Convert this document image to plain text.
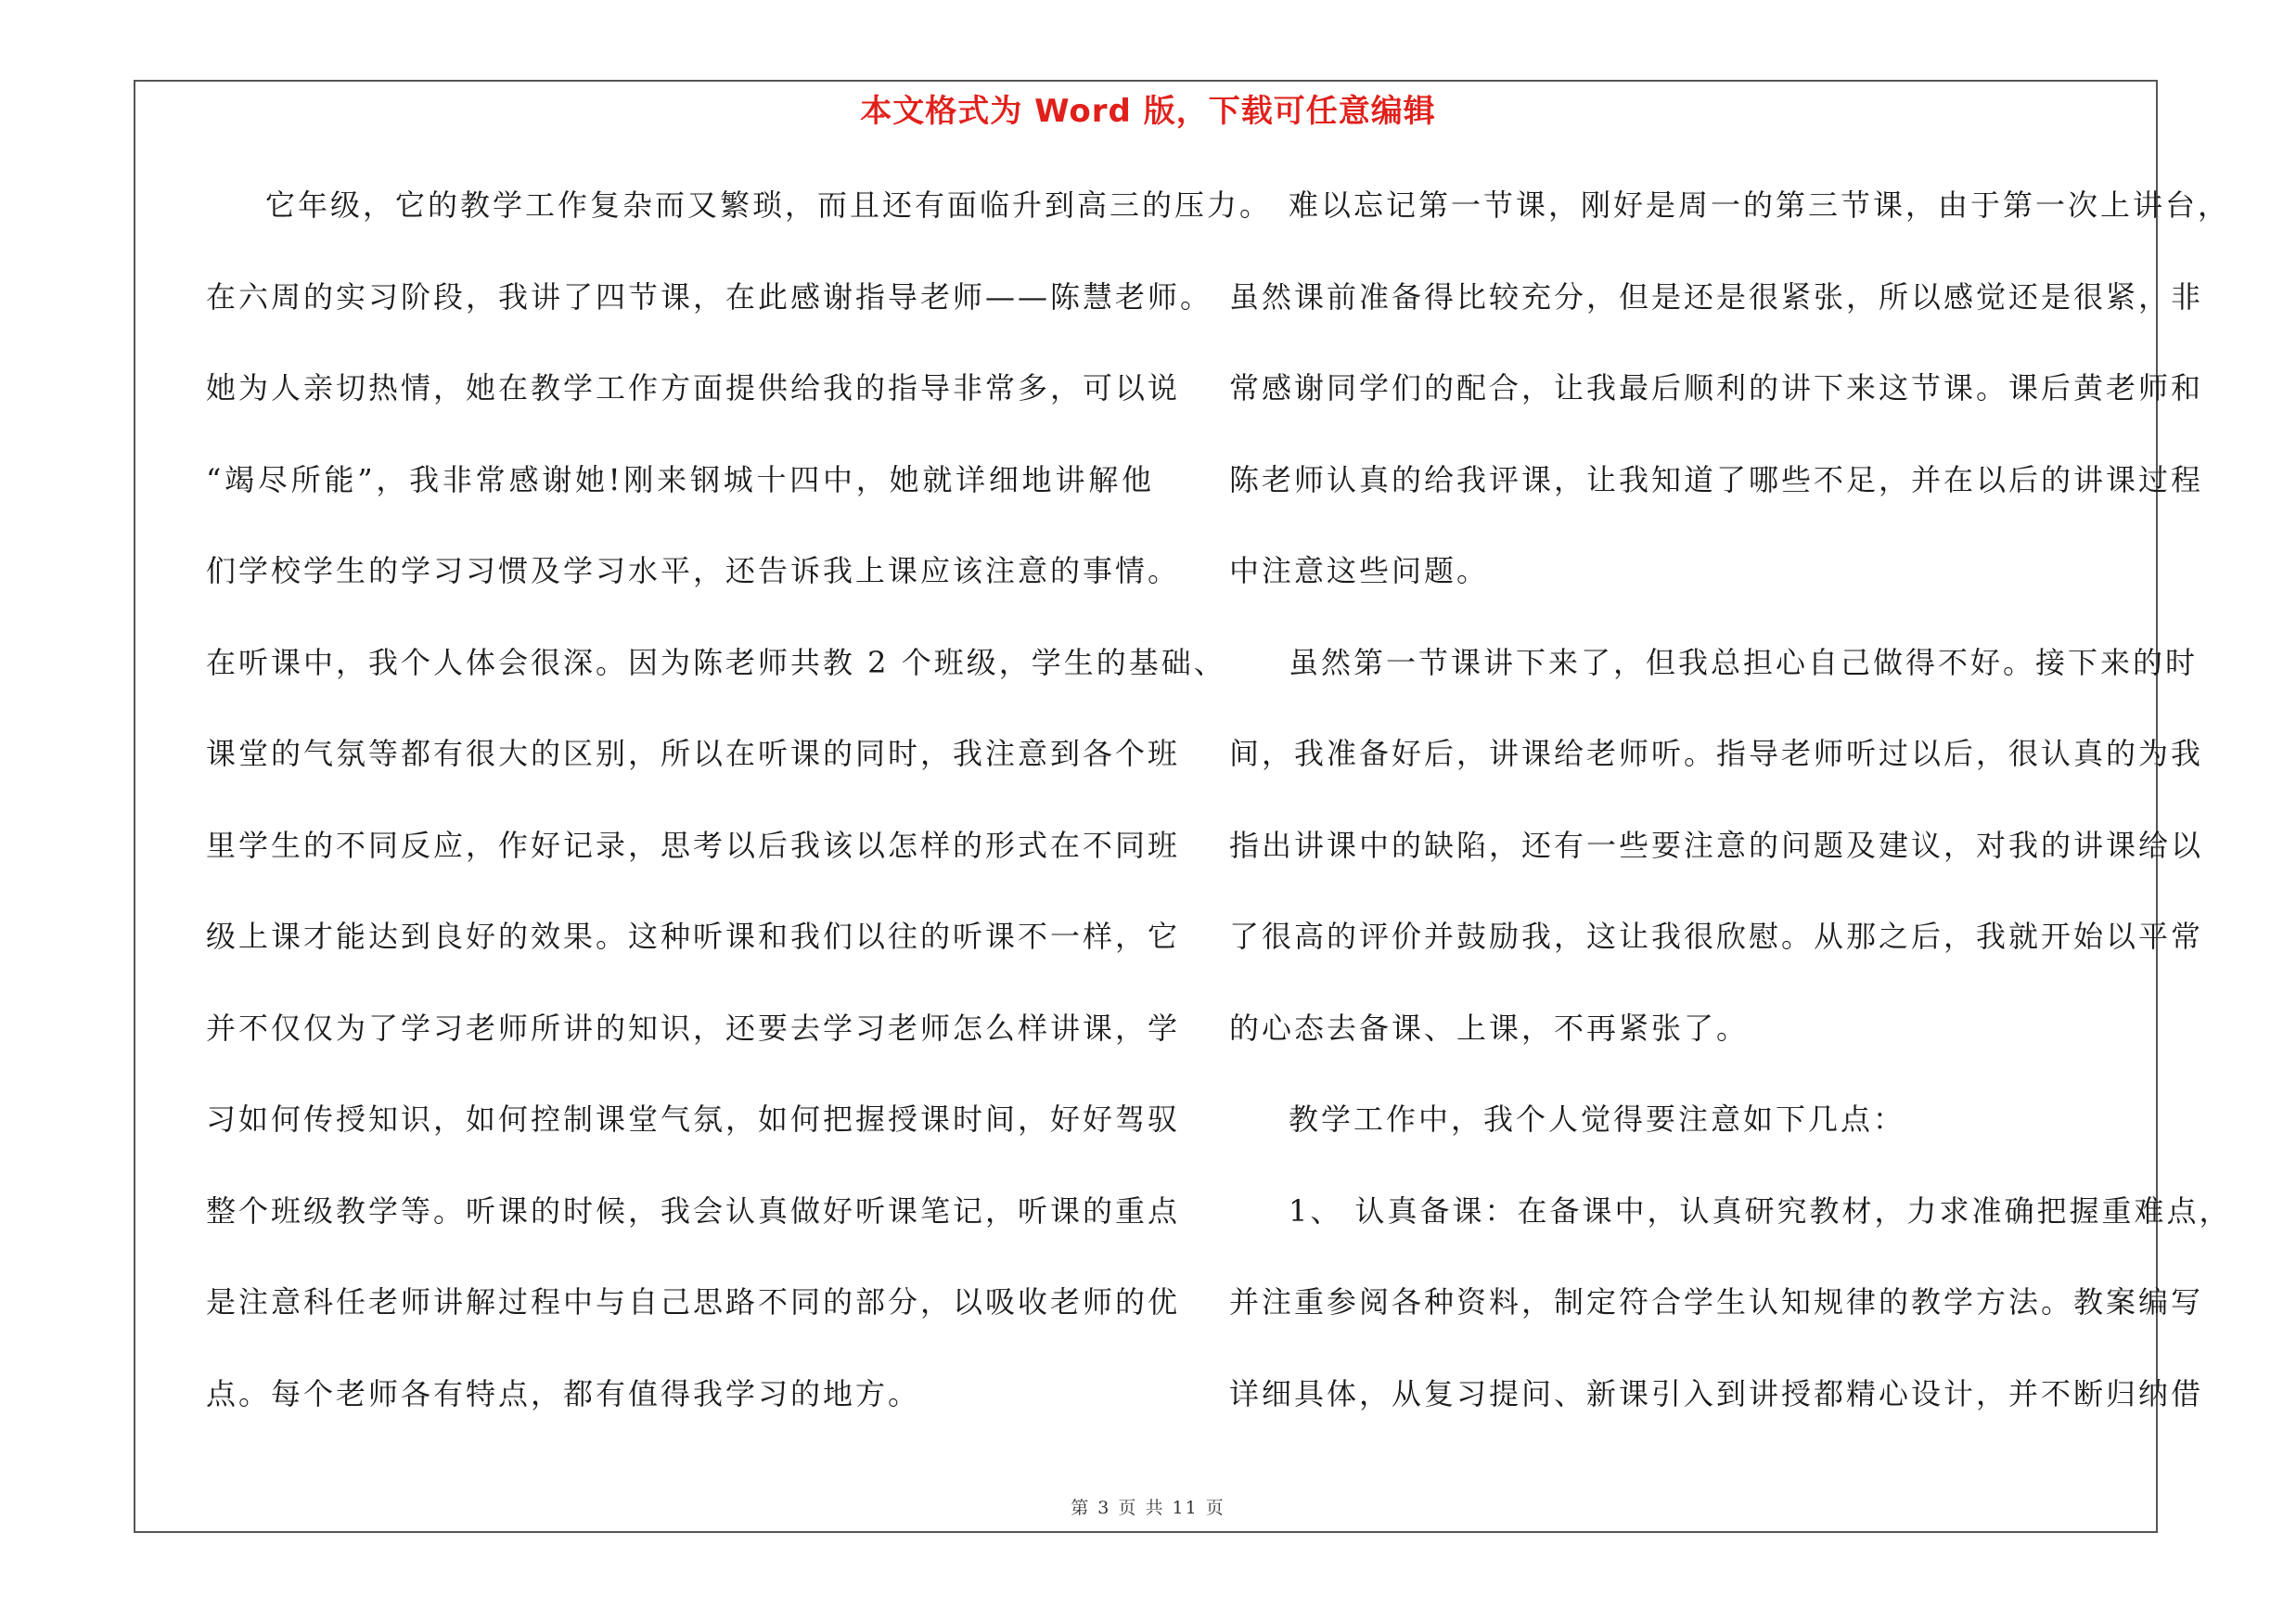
本文格式为 Word 版，下载可任意编辑
它年级，它的教学工作复杂而又繁琐，而且还有面临升到高三的压力。
在六周的实习阶段，我讲了四节课，在此感谢指导老师——陈慧老师。
她为人亲切热情，她在教学工作方面提供给我的指导非常多，可以说
“竭尽所能”，我非常感谢她!刚来钢城十四中，她就详细地讲解他
们学校学生的学习习惯及学习水平，还告诉我上课应该注意的事情。
在听课中，我个人体会很深。因为陈老师共教 2 个班级，学生的基础、
课堂的气氛等都有很大的区别，所以在听课的同时，我注意到各个班
里学生的不同反应，作好记录，思考以后我该以怎样的形式在不同班
级上课才能达到良好的效果。这种听课和我们以往的听课不一样，它
并不仅仅为了学习老师所讲的知识，还要去学习老师怎么样讲课，学
习如何传授知识，如何控制课堂气氛，如何把握授课时间，好好驾驭
整个班级教学等。听课的时候，我会认真做好听课笔记，听课的重点
是注意科任老师讲解过程中与自己思路不同的部分，以吸收老师的优
点。每个老师各有特点，都有值得我学习的地方。
难以忘记第一节课，刚好是周一的第三节课，由于第一次上讲台，
虽然课前准备得比较充分，但是还是很紧张，所以感觉还是很紧，非
常感谢同学们的配合，让我最后顺利的讲下来这节课。课后黄老师和
陈老师认真的给我评课，让我知道了哪些不足，并在以后的讲课过程
中注意这些问题。
虽然第一节课讲下来了，但我总担心自己做得不好。接下来的时
间，我准备好后，讲课给老师听。指导老师听过以后，很认真的为我
指出讲课中的缺陷，还有一些要注意的问题及建议，对我的讲课给以
了很高的评价并鼓励我，这让我很欣慰。从那之后，我就开始以平常
的心态去备课、上课，不再紧张了。
教学工作中，我个人觉得要注意如下几点：
1、 认真备课：在备课中，认真研究教材，力求准确把握重难点，
并注重参阅各种资料，制定符合学生认知规律的教学方法。教案编写
详细具体，从复习提问、新课引入到讲授都精心设计，并不断归纳借
第 3 页 共 11 页
